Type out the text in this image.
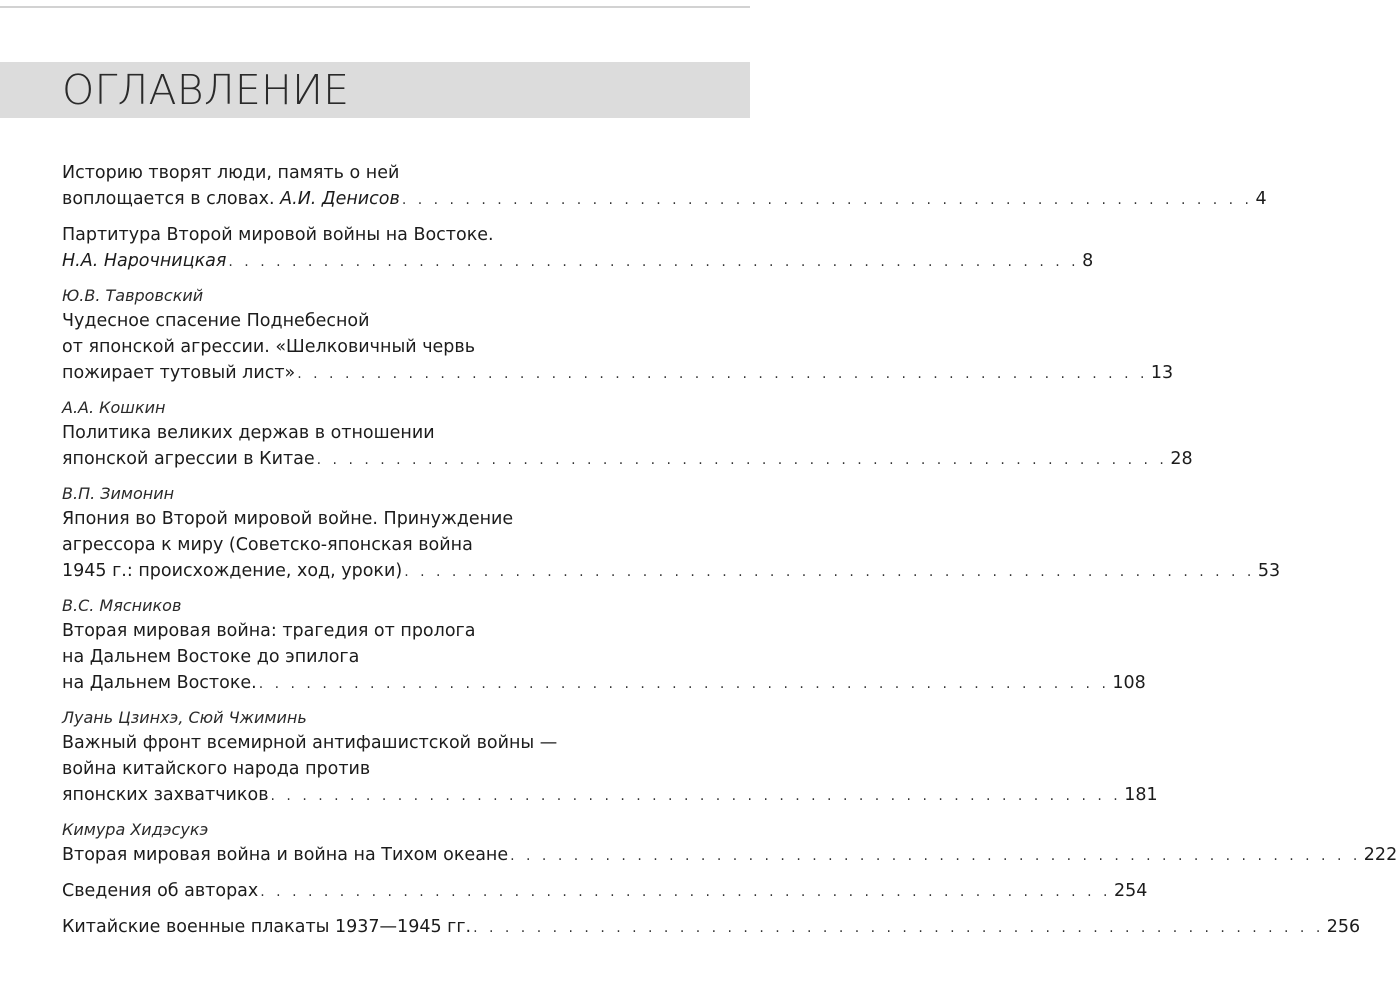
ОГЛАВЛЕНИЕ
Историю творят люди, память о ней
воплощается в словах. А.И. Денисов . . . . . . . . . . . . . . . . . . . . . . . . . . . . . . . . . . . . . . . . . . . . . . . . . . . . . . 4
Партитура Второй мировой войны на Востоке.
Н.А. Нарочницкая . . . . . . . . . . . . . . . . . . . . . . . . . . . . . . . . . . . . . . . . . . . . . . . . . . . . . . 8
Ю.В. Тавровский
Чудесное спасение Поднебесной
от японской агрессии. «Шелковичный червь
пожирает тутовый лист» . . . . . . . . . . . . . . . . . . . . . . . . . . . . . . . . . . . . . . . . . . . . . . . . . . . . . . 13
А.А. Кошкин
Политика великих держав в отношении
японской агрессии в Китае . . . . . . . . . . . . . . . . . . . . . . . . . . . . . . . . . . . . . . . . . . . . . . . . . . . . . . 28
В.П. Зимонин
Япония во Второй мировой войне. Принуждение
агрессора к миру (Советско-японская война
1945 г.: происхождение, ход, уроки) . . . . . . . . . . . . . . . . . . . . . . . . . . . . . . . . . . . . . . . . . . . . . . . . . . . . . . 53
В.С. Мясников
Вторая мировая война: трагедия от пролога
на Дальнем Востоке до эпилога
на Дальнем Востоке. . . . . . . . . . . . . . . . . . . . . . . . . . . . . . . . . . . . . . . . . . . . . . . . . . . . . . . 108
Луань Цзинхэ, Сюй Чжиминь
Важный фронт всемирной антифашистской войны —
война китайского народа против
японских захватчиков . . . . . . . . . . . . . . . . . . . . . . . . . . . . . . . . . . . . . . . . . . . . . . . . . . . . . . 181
Кимура Хидэсукэ
Вторая мировая война и война на Тихом океане . . . . . . . . . . . . . . . . . . . . . . . . . . . . . . . . . . . . . . . . . . . . . . . . . . . . . . 222
Сведения об авторах . . . . . . . . . . . . . . . . . . . . . . . . . . . . . . . . . . . . . . . . . . . . . . . . . . . . . . 254
Китайские военные плакаты 1937—1945 гг. . . . . . . . . . . . . . . . . . . . . . . . . . . . . . . . . . . . . . . . . . . . . . . . . . . . . . . 256
